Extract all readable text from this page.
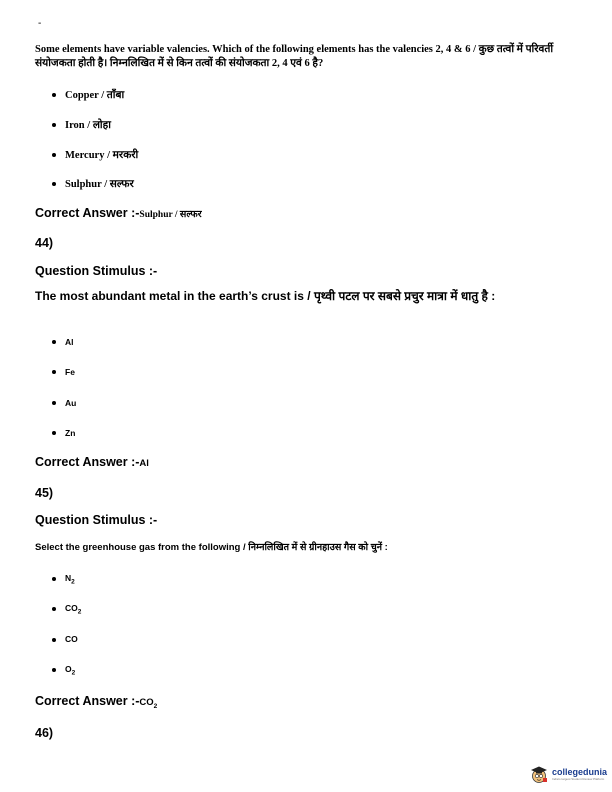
-
Some elements have variable valencies. Which of the following elements has the valencies 2, 4 & 6 / कुछ तत्वों में परिवर्ती संयोजकता होती है। निम्नलिखित में से किन तत्वों की संयोजकता 2, 4 एवं 6 है?
Copper / ताँबा
Iron / लोहा
Mercury / मरकरी
Sulphur / सल्फर
Correct Answer :-Sulphur / सल्फर
44)
Question Stimulus :-
The most abundant metal in the earth’s crust is / पृथ्वी पटल पर सबसे प्रचुर मात्रा में धातु है :
Al
Fe
Au
Zn
Correct Answer :-Al
45)
Question Stimulus :-
Select the greenhouse gas from the following / निम्नलिखित में से ग्रीनहाउस गैस को चुनें :
$N_2$
$CO_2$
CO
$O_2$
Correct Answer $:-CO_2$
46)
collegedunia
India's largest Student Review Platform
